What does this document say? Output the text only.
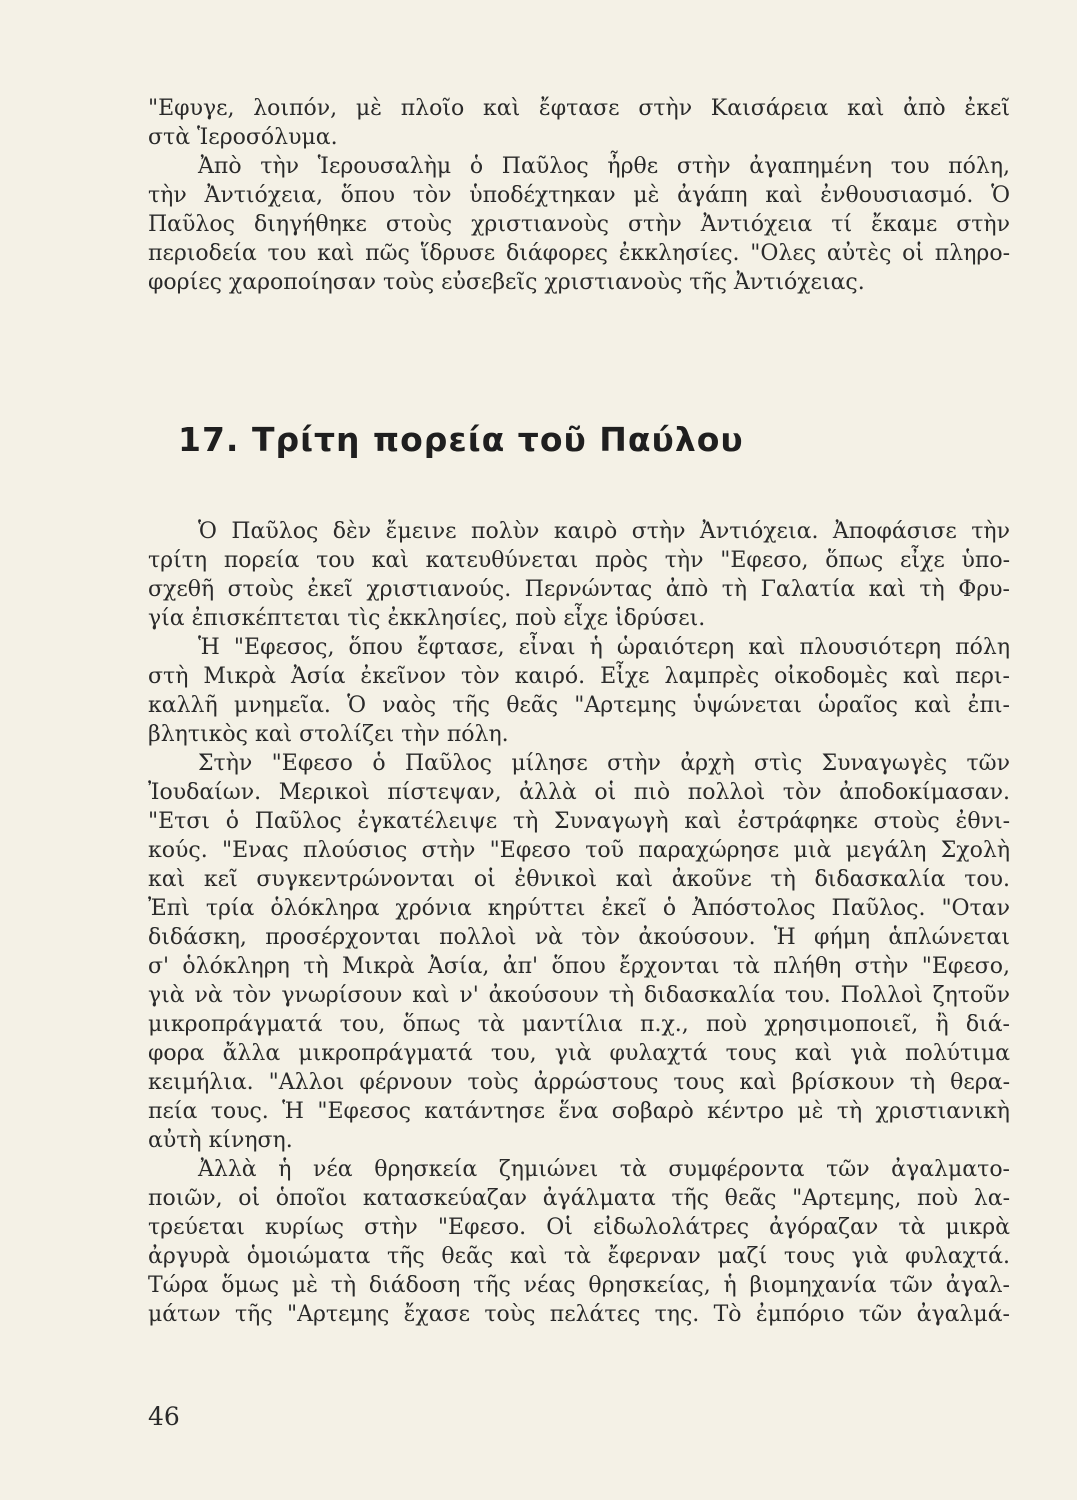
"Εφυγε, λοιπόν, μὲ πλοῖο καὶ ἔφτασε στὴν Καισάρεια καὶ ἀπὸ ἐκεῖ
στὰ Ἱεροσόλυμα.
Ἀπὸ τὴν Ἱερουσαλὴμ ὁ Παῦλος ἦρθε στὴν ἀγαπημένη του πόλη,
τὴν Ἀντιόχεια, ὅπου τὸν ὑποδέχτηκαν μὲ ἀγάπη καὶ ἐνθουσιασμό. Ὁ
Παῦλος διηγήθηκε στοὺς χριστιανοὺς στὴν Ἀντιόχεια τί ἔκαμε στὴν
περιοδεία του καὶ πῶς ἵδρυσε διάφορες ἐκκλησίες. "Ολες αὐτὲς οἱ πληρο-
φορίες χαροποίησαν τοὺς εὐσεβεῖς χριστιανοὺς τῆς Ἀντιόχειας.
17. Τρίτη πορεία τοῦ Παύλου
Ὁ Παῦλος δὲν ἔμεινε πολὺν καιρὸ στὴν Ἀντιόχεια. Ἀποφάσισε τὴν
τρίτη πορεία του καὶ κατευθύνεται πρὸς τὴν "Εφεσο, ὅπως εἶχε ὑπο-
σχεθῆ στοὺς ἐκεῖ χριστιανούς. Περνώντας ἀπὸ τὴ Γαλατία καὶ τὴ Φρυ-
γία ἐπισκέπτεται τὶς ἐκκλησίες, ποὺ εἶχε ἱδρύσει.
Ἡ "Εφεσος, ὅπου ἔφτασε, εἶναι ἡ ὡραιότερη καὶ πλουσιότερη πόλη
στὴ Μικρὰ Ἀσία ἐκεῖνον τὸν καιρό. Εἶχε λαμπρὲς οἰκοδομὲς καὶ περι-
καλλῆ μνημεῖα. Ὁ ναὸς τῆς θεᾶς "Αρτεμης ὑψώνεται ὡραῖος καὶ ἐπι-
βλητικὸς καὶ στολίζει τὴν πόλη.
Στὴν "Εφεσο ὁ Παῦλος μίλησε στὴν ἀρχὴ στὶς Συναγωγὲς τῶν
Ἰουδαίων. Μερικοὶ πίστεψαν, ἀλλὰ οἱ πιὸ πολλοὶ τὸν ἀποδοκίμασαν.
"Ετσι ὁ Παῦλος ἐγκατέλειψε τὴ Συναγωγὴ καὶ ἐστράφηκε στοὺς ἐθνι-
κούς. "Ενας πλούσιος στὴν "Εφεσο τοῦ παραχώρησε μιὰ μεγάλη Σχολὴ
καὶ κεῖ συγκεντρώνονται οἱ ἐθνικοὶ καὶ ἀκοῦνε τὴ διδασκαλία του.
Ἐπὶ τρία ὁλόκληρα χρόνια κηρύττει ἐκεῖ ὁ Ἀπόστολος Παῦλος. "Οταν
διδάσκη, προσέρχονται πολλοὶ νὰ τὸν ἀκούσουν. Ἡ φήμη ἁπλώνεται
σ' ὁλόκληρη τὴ Μικρὰ Ἀσία, ἀπ' ὅπου ἔρχονται τὰ πλήθη στὴν "Εφεσο,
γιὰ νὰ τὸν γνωρίσουν καὶ ν' ἀκούσουν τὴ διδασκαλία του. Πολλοὶ ζητοῦν
μικροπράγματά του, ὅπως τὰ μαντίλια π.χ., ποὺ χρησιμοποιεῖ, ἢ διά-
φορα ἄλλα μικροπράγματά του, γιὰ φυλαχτά τους καὶ γιὰ πολύτιμα
κειμήλια. "Αλλοι φέρνουν τοὺς ἀρρώστους τους καὶ βρίσκουν τὴ θερα-
πεία τους. Ἡ "Εφεσος κατάντησε ἕνα σοβαρὸ κέντρο μὲ τὴ χριστιανικὴ
αὐτὴ κίνηση.
Ἀλλὰ ἡ νέα θρησκεία ζημιώνει τὰ συμφέροντα τῶν ἀγαλματο-
ποιῶν, οἱ ὁποῖοι κατασκεύαζαν ἀγάλματα τῆς θεᾶς "Αρτεμης, ποὺ λα-
τρεύεται κυρίως στὴν "Εφεσο. Οἱ εἰδωλολάτρες ἀγόραζαν τὰ μικρὰ
ἀργυρὰ ὁμοιώματα τῆς θεᾶς καὶ τὰ ἔφερναν μαζί τους γιὰ φυλαχτά.
Τώρα ὅμως μὲ τὴ διάδοση τῆς νέας θρησκείας, ἡ βιομηχανία τῶν ἀγαλ-
μάτων τῆς "Αρτεμης ἔχασε τοὺς πελάτες της. Τὸ ἐμπόριο τῶν ἀγαλμά-
46
